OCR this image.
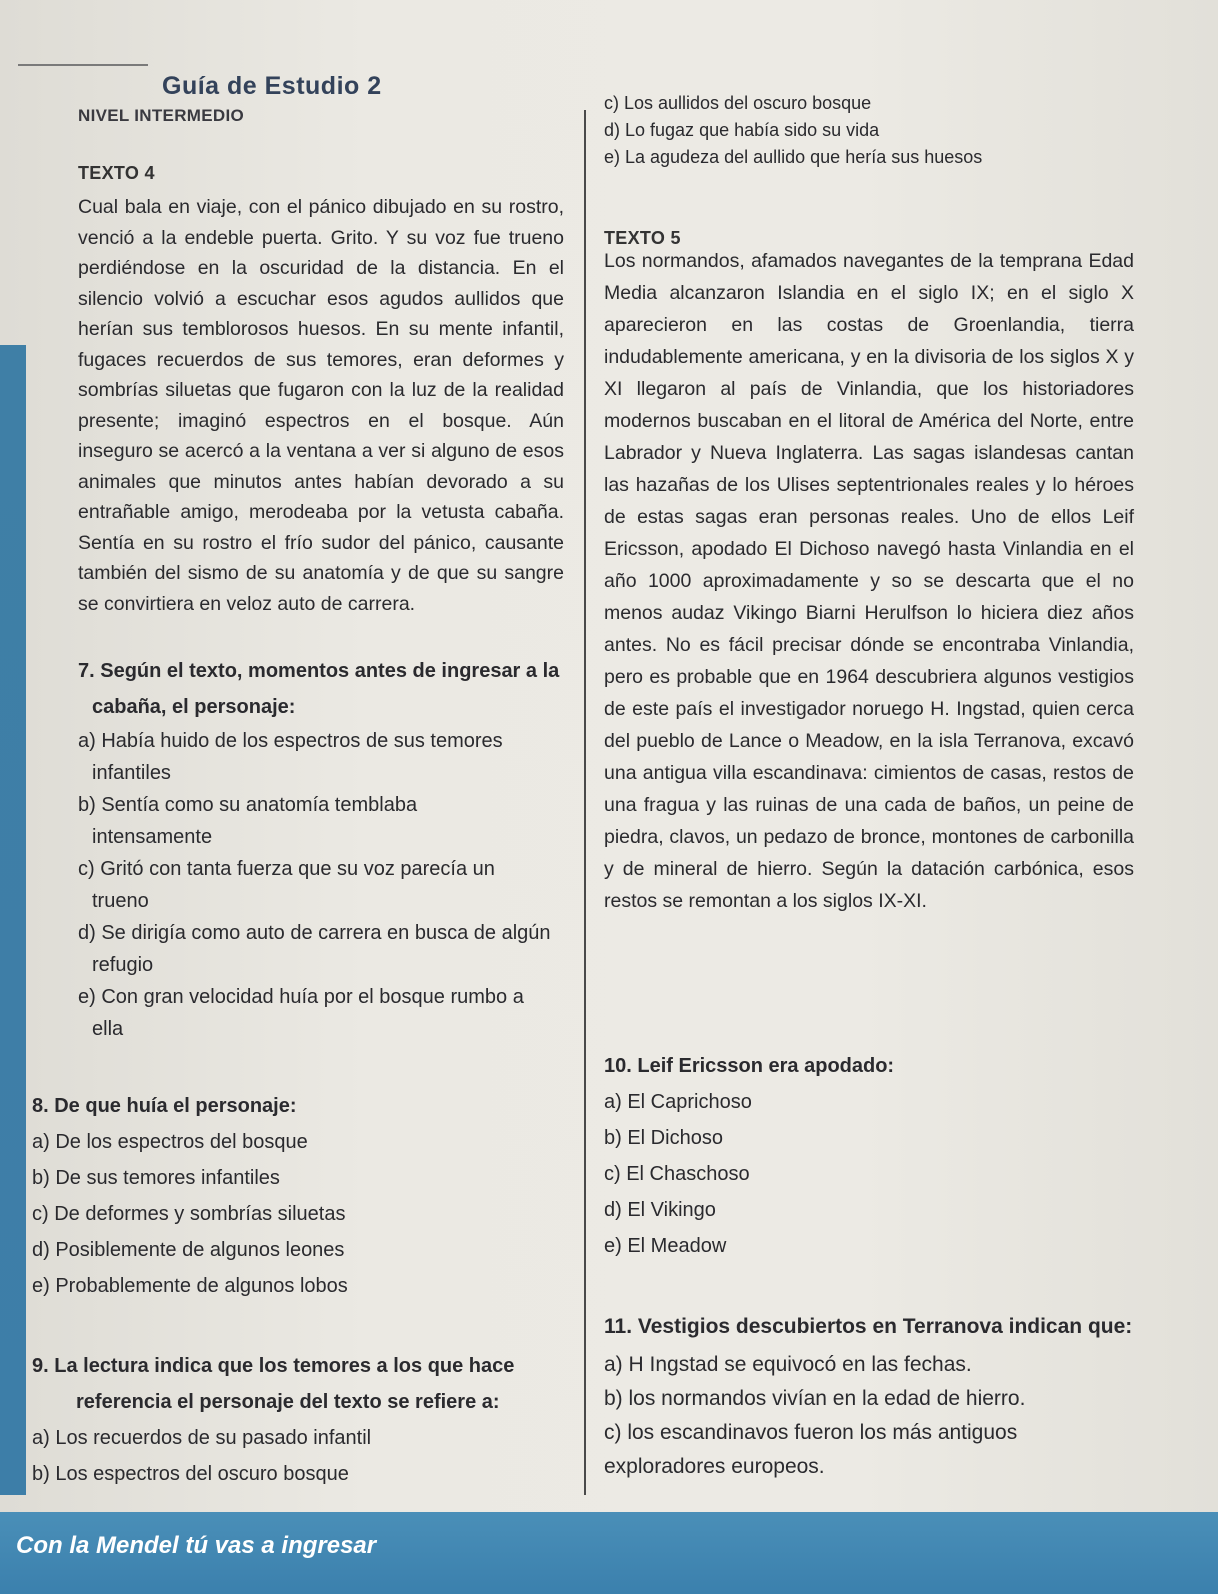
Guía de Estudio 2
NIVEL INTERMEDIO
TEXTO 4

Cual bala en viaje, con el pánico dibujado en su rostro, venció a la endeble puerta. Grito. Y su voz fue trueno perdiéndose en la oscuridad de la distancia. En el silencio volvió a escuchar esos agudos aullidos que herían sus temblorosos huesos. En su mente infantil, fugaces recuerdos de sus temores, eran deformes y sombrías siluetas que fugaron con la luz de la realidad presente; imaginó espectros en el bosque. Aún inseguro se acercó a la ventana a ver si alguno de esos animales que minutos antes habían devorado a su entrañable amigo, merodeaba por la vetusta cabaña. Sentía en su rostro el frío sudor del pánico, causante también del sismo de su anatomía y de que su sangre se convirtiera en veloz auto de carrera.

7. Según el texto, momentos antes de ingresar a la

cabaña, el personaje:

a) Había huido de los espectros de sus temores

infantiles

b) Sentía como su anatomía temblaba

intensamente

c) Gritó con tanta fuerza que su voz parecía un

trueno

d) Se dirigía como auto de carrera en busca de algún

refugio

e) Con gran velocidad huía por el bosque rumbo a

ella

8. De que huía el personaje:

a) De los espectros del bosque

b) De sus temores infantiles

c) De deformes y sombrías siluetas

d) Posiblemente de algunos leones

e) Probablemente de algunos lobos

9. La lectura indica que los temores a los que hace

referencia el personaje del texto se refiere a:

a) Los recuerdos de su pasado infantil

b) Los espectros del oscuro bosque

c) Los aullidos del oscuro bosque

d) Lo fugaz que había sido su vida

e) La agudeza del aullido que hería sus huesos

TEXTO 5

Los normandos, afamados navegantes de la temprana Edad Media alcanzaron Islandia en el siglo IX; en el siglo X aparecieron en las costas de Groenlandia, tierra indudablemente americana, y en la divisoria de los siglos X y XI llegaron al país de Vinlandia, que los historiadores modernos buscaban en el litoral de América del Norte, entre Labrador y Nueva Inglaterra. Las sagas islandesas cantan las hazañas de los Ulises septentrionales reales y lo héroes de estas sagas eran personas reales. Uno de ellos Leif Ericsson, apodado El Dichoso navegó hasta Vinlandia en el año 1000 aproximadamente y so se descarta que el no menos audaz Vikingo Biarni Herulfson lo hiciera diez años antes. No es fácil precisar dónde se encontraba Vinlandia, pero es probable que en 1964 descubriera algunos vestigios de este país el investigador noruego H. Ingstad, quien cerca del pueblo de Lance o Meadow, en la isla Terranova, excavó una antigua villa escandinava: cimientos de casas, restos de una fragua y las ruinas de una cada de baños, un peine de piedra, clavos, un pedazo de bronce, montones de carbonilla y de mineral de hierro. Según la datación carbónica, esos restos se remontan a los siglos IX-XI.

10. Leif Ericsson era apodado:

a) El Caprichoso

b) El Dichoso

c) El Chaschoso

d) El Vikingo

e) El Meadow

11. Vestigios descubiertos en Terranova indican que:

a) H Ingstad se equivocó en las fechas.

b) los normandos vivían en la edad de hierro.

c) los escandinavos fueron los más antiguos

exploradores europeos.

Con la Mendel tú vas a ingresar
